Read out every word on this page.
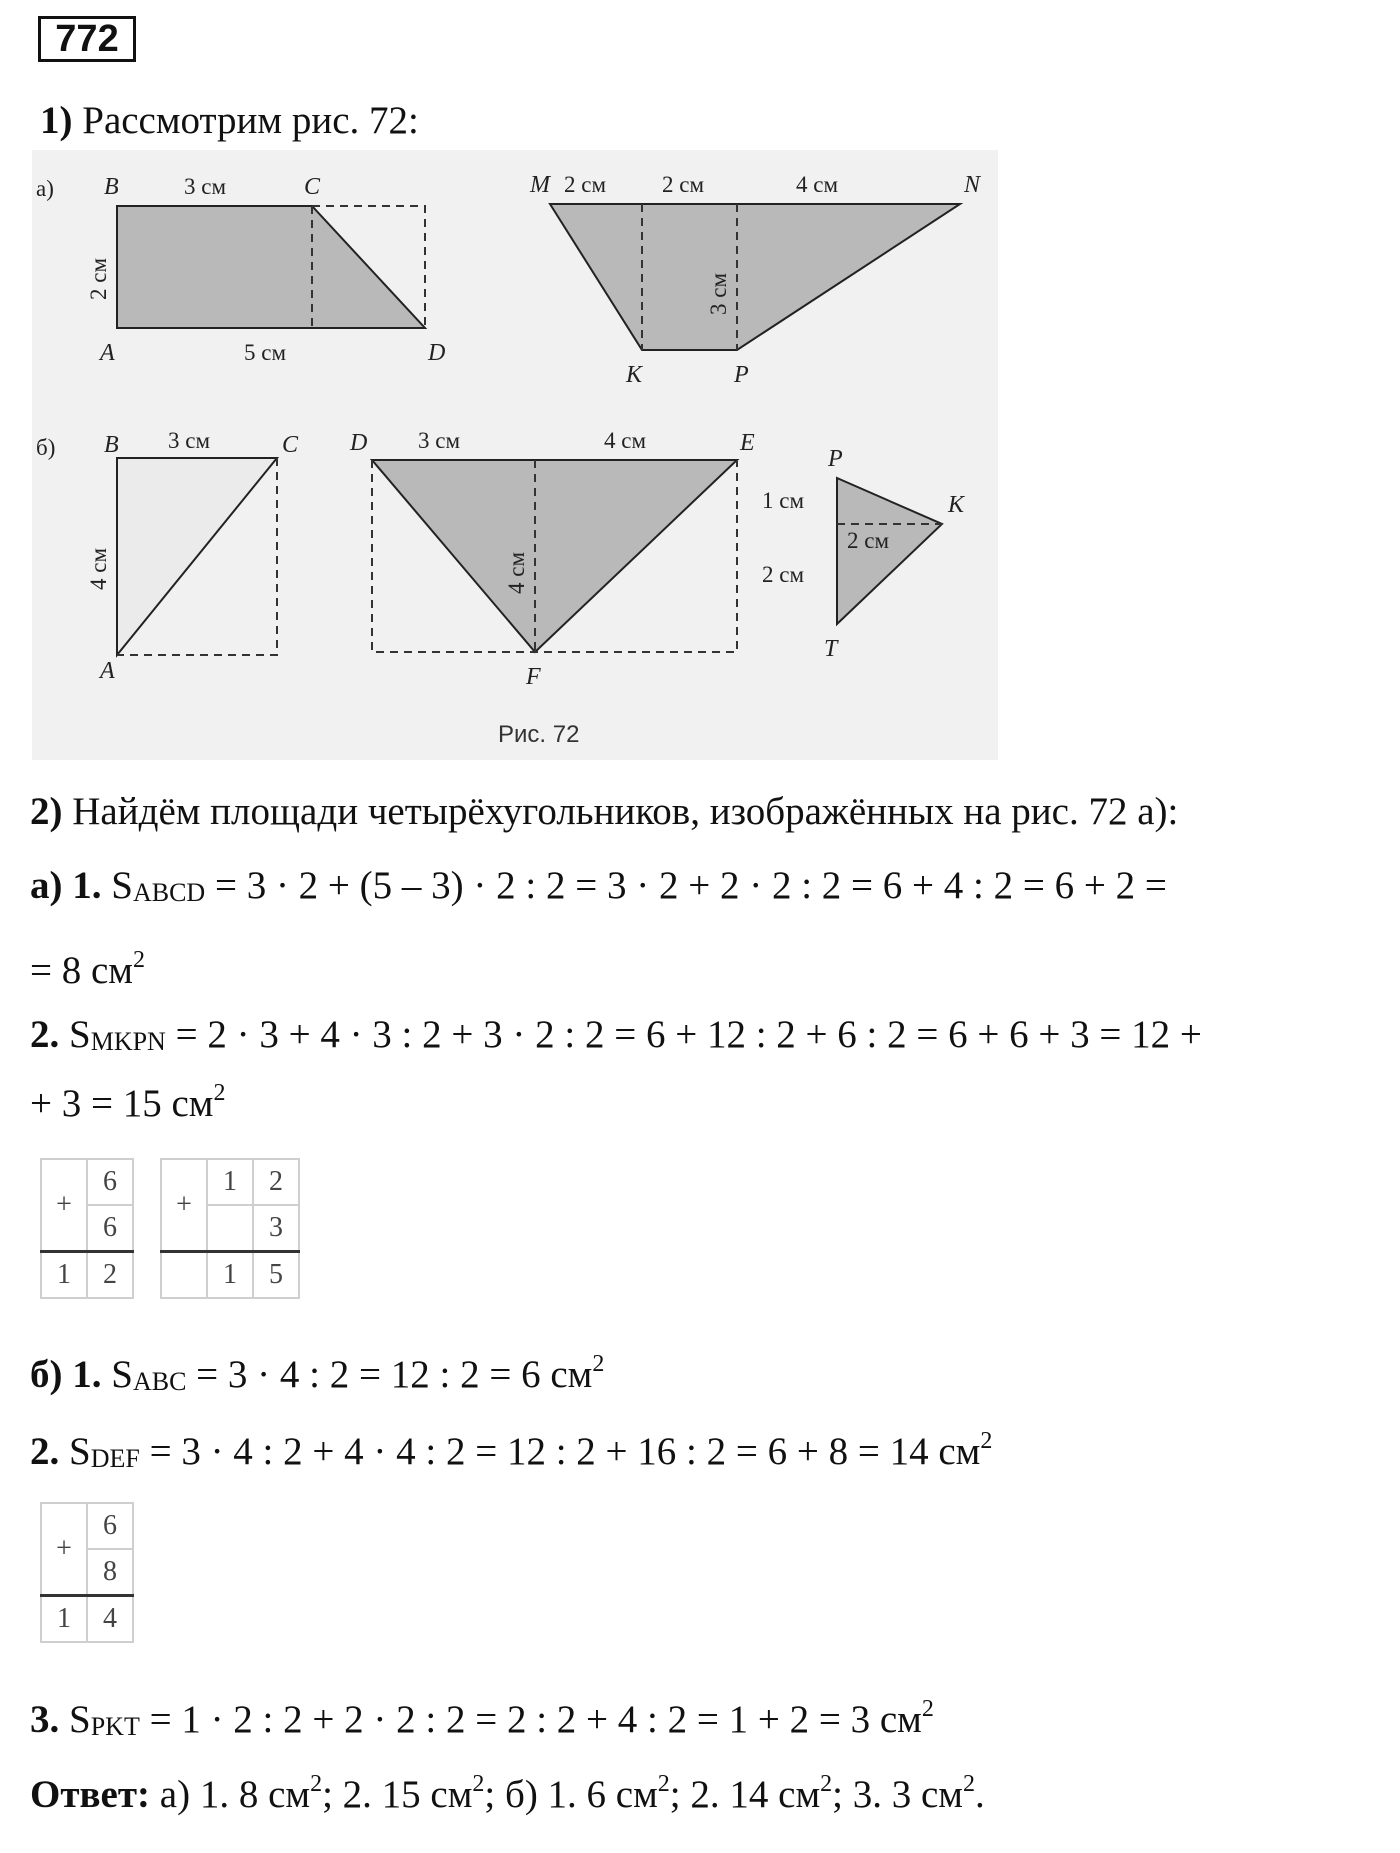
772
1) Рассмотрим рис. 72:
а) B	C
A	D
3 см
5 см
2 см
M	N
K	P
2 см 2 см	4 см
3 см
б) B	C
A
3 см
4 см
D	E
F
3 см	4 см
4 см
P
K
T
1 см
2 см
2 см
Рис. 72
2) Найдём площади четырёхугольников, изображённых на рис. 72 а):
а) 1. SABCD = 3 · 2 + (5 – 3) · 2 : 2 = 3 · 2 + 2 · 2 : 2 = 6 + 4 : 2 = 6 + 2 =
= 8 $см^2$
2. SMKPN = 2 · 3 + 4 · 3 : 2 + 3 · 2 : 2 = 6 + 12 : 2 + 6 : 2 = 6 + 6 + 3 = 12 +
+ 3 = 15 $см^2$
+	6
	6
1	2
+	1	2
		3
	1	5
б) 1. SABC = 3 · 4 : 2 = 12 : 2 = 6 $см^2$
2. SDEF = 3 · 4 : 2 + 4 · 4 : 2 = 12 : 2 + 16 : 2 = 6 + 8 = 14 $см^2$
+	6
	8
1	4
3. SPKT = 1 · 2 : 2 + 2 · 2 : 2 = 2 : 2 + 4 : 2 = 1 + 2 = 3 $см^2$
Ответ: а) 1. 8 $см^2$; 2. 15 $см^2$; б) 1. 6 $см^2$; 2. 14 $см^2$; 3. 3 $см^2$.
